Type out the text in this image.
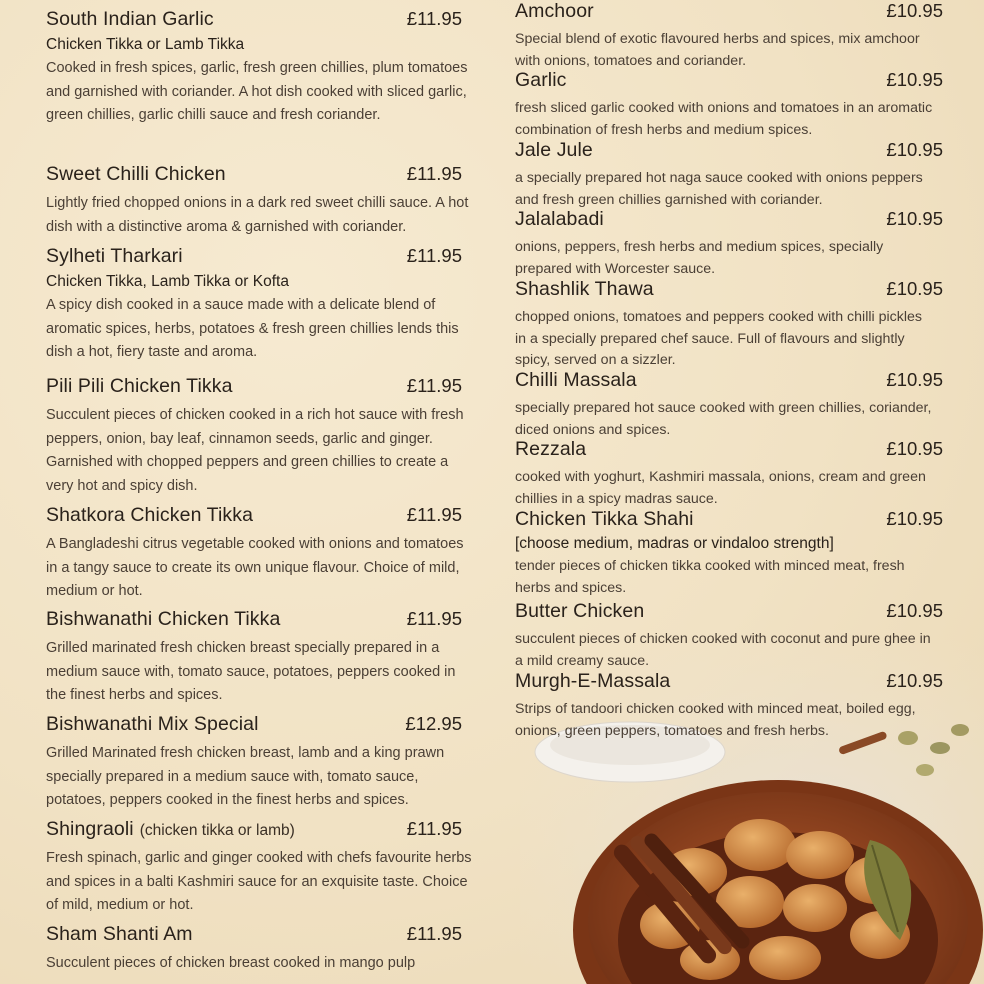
South Indian Garlic	£11.95
Chicken Tikka or Lamb Tikka

Cooked in fresh spices, garlic, fresh green chillies, plum tomatoes and garnished with coriander. A hot dish cooked with sliced garlic, green chillies, garlic chilli sauce and fresh coriander.

Sweet Chilli Chicken	£11.95

Lightly fried chopped onions in a dark red sweet chilli sauce. A hot dish with a distinctive aroma & garnished with coriander.

Sylheti Tharkari	£11.95
Chicken Tikka, Lamb Tikka or Kofta

A spicy dish cooked in a sauce made with a delicate blend of aromatic spices, herbs, potatoes & fresh green chillies lends this dish a hot, fiery taste and aroma.

Pili Pili Chicken Tikka	£11.95

Succulent pieces of chicken cooked in a rich hot sauce with fresh peppers, onion, bay leaf, cinnamon seeds, garlic and ginger. Garnished with chopped peppers and green chillies to create a very hot and spicy dish.

Shatkora Chicken Tikka	£11.95

A Bangladeshi citrus vegetable cooked with onions and tomatoes in a tangy sauce to create its own unique flavour. Choice of mild, medium or hot.

Bishwanathi Chicken Tikka	£11.95

Grilled marinated fresh chicken breast specially prepared in a medium sauce with, tomato sauce, potatoes, peppers cooked in the finest herbs and spices.

Bishwanathi Mix Special	£12.95

Grilled Marinated fresh chicken breast, lamb and a king prawn specially prepared in a medium sauce with, tomato sauce, potatoes, peppers cooked in the finest herbs and spices.

Shingraoli (chicken tikka or lamb)	£11.95

Fresh spinach, garlic and ginger cooked with chefs favourite herbs and spices in a balti Kashmiri sauce for an exquisite taste. Choice of mild, medium or hot.

Sham Shanti Am	£11.95

Succulent pieces of chicken breast cooked in mango pulp

Amchoor	£10.95

Special blend of exotic flavoured herbs and spices, mix amchoor with onions, tomatoes and coriander.

Garlic	£10.95

fresh sliced garlic cooked with onions and tomatoes in an aromatic combination of fresh herbs and medium spices.

Jale Jule	£10.95

a specially prepared hot naga sauce cooked with onions peppers and fresh green chillies garnished with coriander.

Jalalabadi	£10.95

onions, peppers, fresh herbs and medium spices, specially prepared with Worcester sauce.

Shashlik Thawa	£10.95

chopped onions, tomatoes and peppers cooked with chilli pickles in a specially prepared chef sauce. Full of flavours and slightly spicy, served on a sizzler.

Chilli Massala	£10.95

specially prepared hot sauce cooked with green chillies, coriander, diced onions and spices.

Rezzala	£10.95

cooked with yoghurt, Kashmiri massala, onions, cream and green chillies in a spicy madras sauce.

Chicken Tikka Shahi	£10.95
[choose medium, madras or vindaloo strength]

tender pieces of chicken tikka cooked with minced meat, fresh herbs and spices.

Butter Chicken	£10.95

succulent pieces of chicken cooked with coconut and pure ghee in a mild creamy sauce.

Murgh-E-Massala	£10.95

Strips of tandoori chicken cooked with minced meat, boiled egg, onions, green peppers, tomatoes and fresh herbs.
